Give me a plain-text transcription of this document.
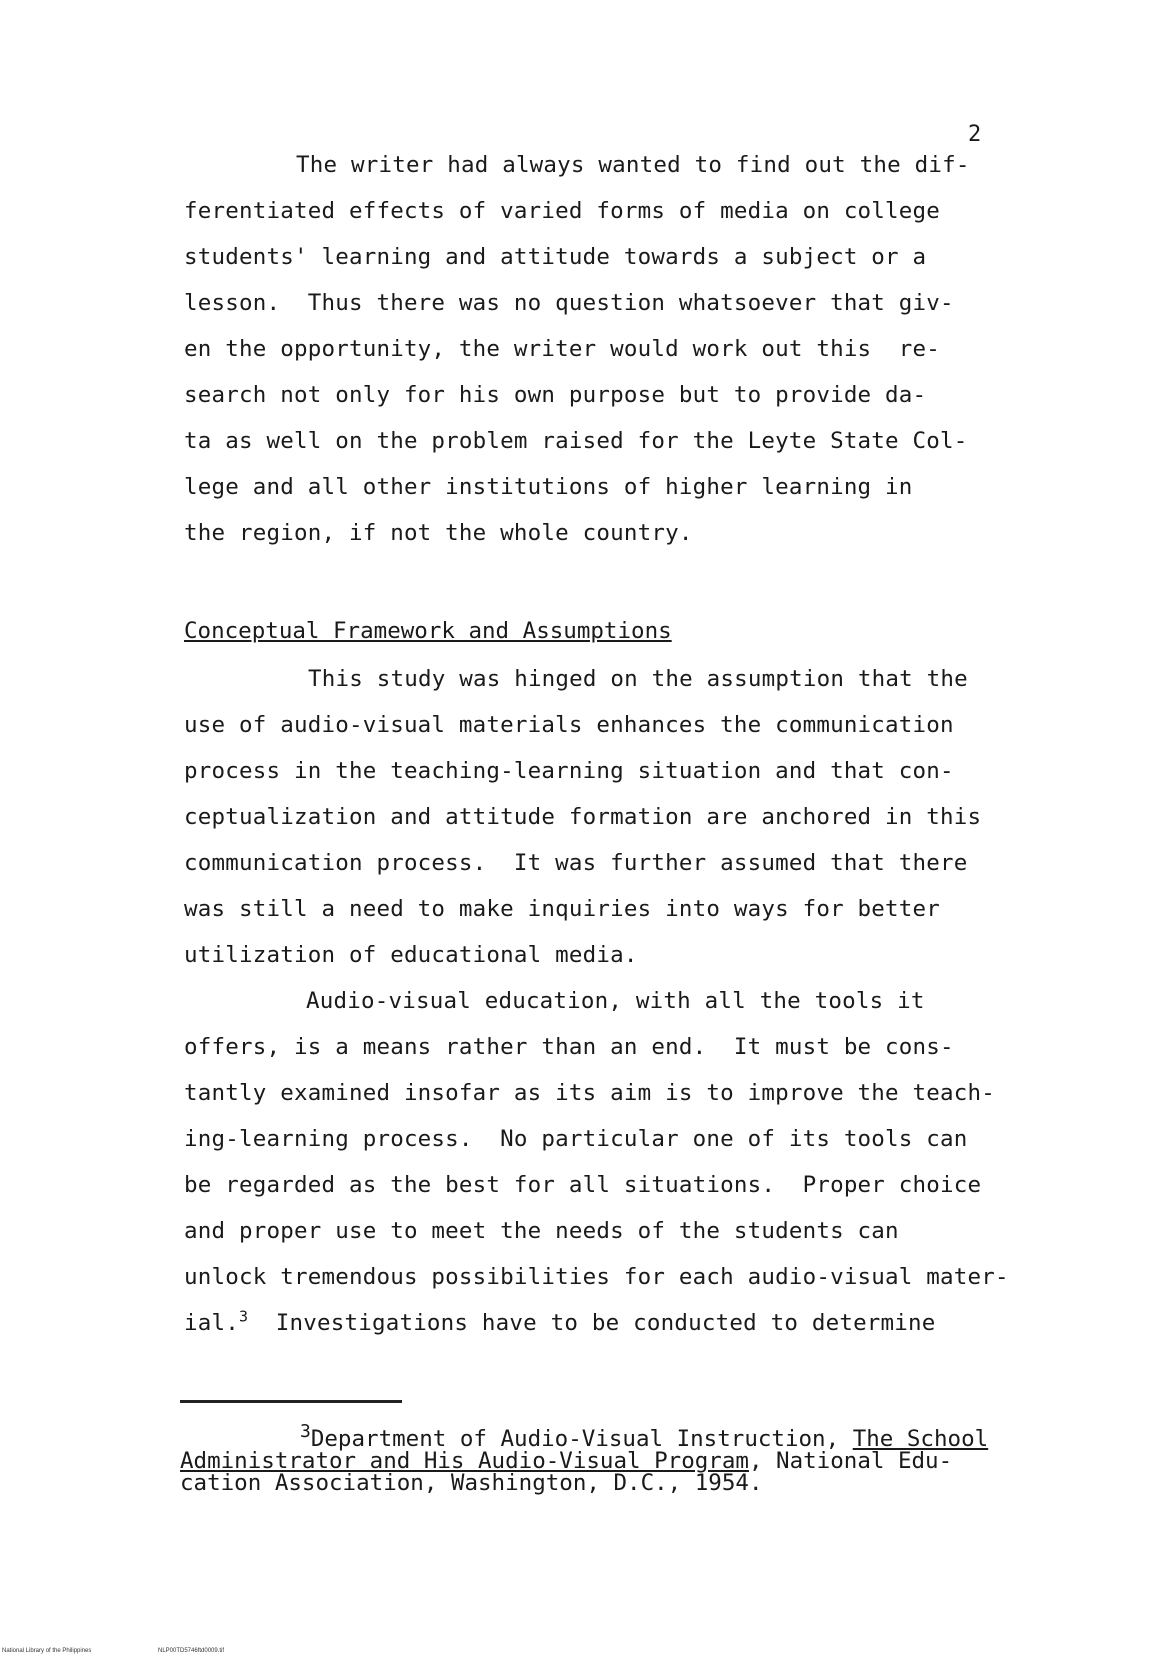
2
The writer had always wanted to find out the dif-
ferentiated effects of varied forms of media on college
students' learning and attitude towards a subject or a
lesson.  Thus there was no question whatsoever that giv-
en the opportunity, the writer would work out this  re-
search not only for his own purpose but to provide da-
ta as well on the problem raised for the Leyte State Col-
lege and all other institutions of higher learning in
the region, if not the whole country.
Conceptual Framework and Assumptions
This study was hinged on the assumption that the
use of audio-visual materials enhances the communication
process in the teaching-learning situation and that con-
ceptualization and attitude formation are anchored in this
communication process.  It was further assumed that there
was still a need to make inquiries into ways for better
utilization of educational media.
Audio-visual education, with all the tools it
offers, is a means rather than an end.  It must be cons-
tantly examined insofar as its aim is to improve the teach-
ing-learning process.  No particular one of its tools can
be regarded as the best for all situations.  Proper choice
and proper use to meet the needs of the students can
unlock tremendous possibilities for each audio-visual mater-
ial.$^3$  Investigations have to be conducted to determine
$^3$Department of Audio-Visual Instruction, The School
Administrator and His Audio-Visual Program, National Edu-
cation Association, Washington, D.C., 1954.
National Library of the Philippines	NLP00TD5746ftd0009.tif
